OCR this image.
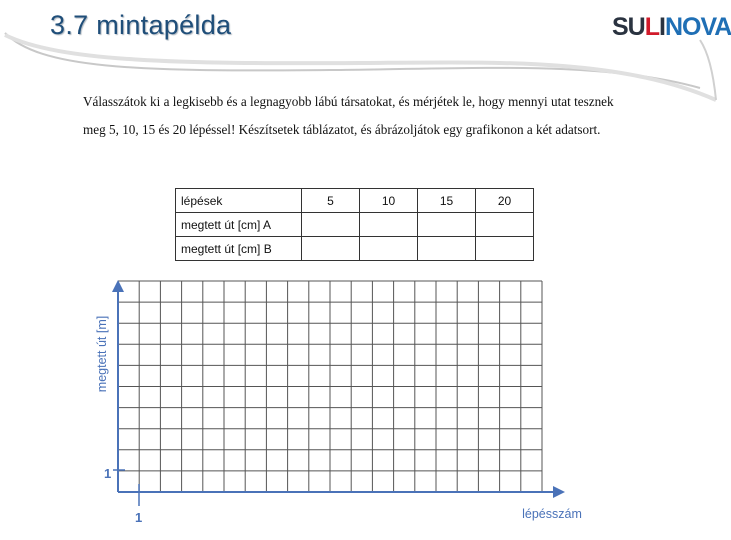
3.7 mintapélda	SULINOVA

Válasszátok ki a legkisebb és a legnagyobb lábú társatokat, és mérjétek le, hogy mennyi utat tesznek meg 5, 10, 15 és 20 lépéssel! Készítsetek táblázatot, és ábrázoljátok egy grafikonon a két adatsort.

lépések	5	10	15	20
megtett út [cm] A				
megtett út [cm] B				
megtett út [m]
lépésszám
1
1
